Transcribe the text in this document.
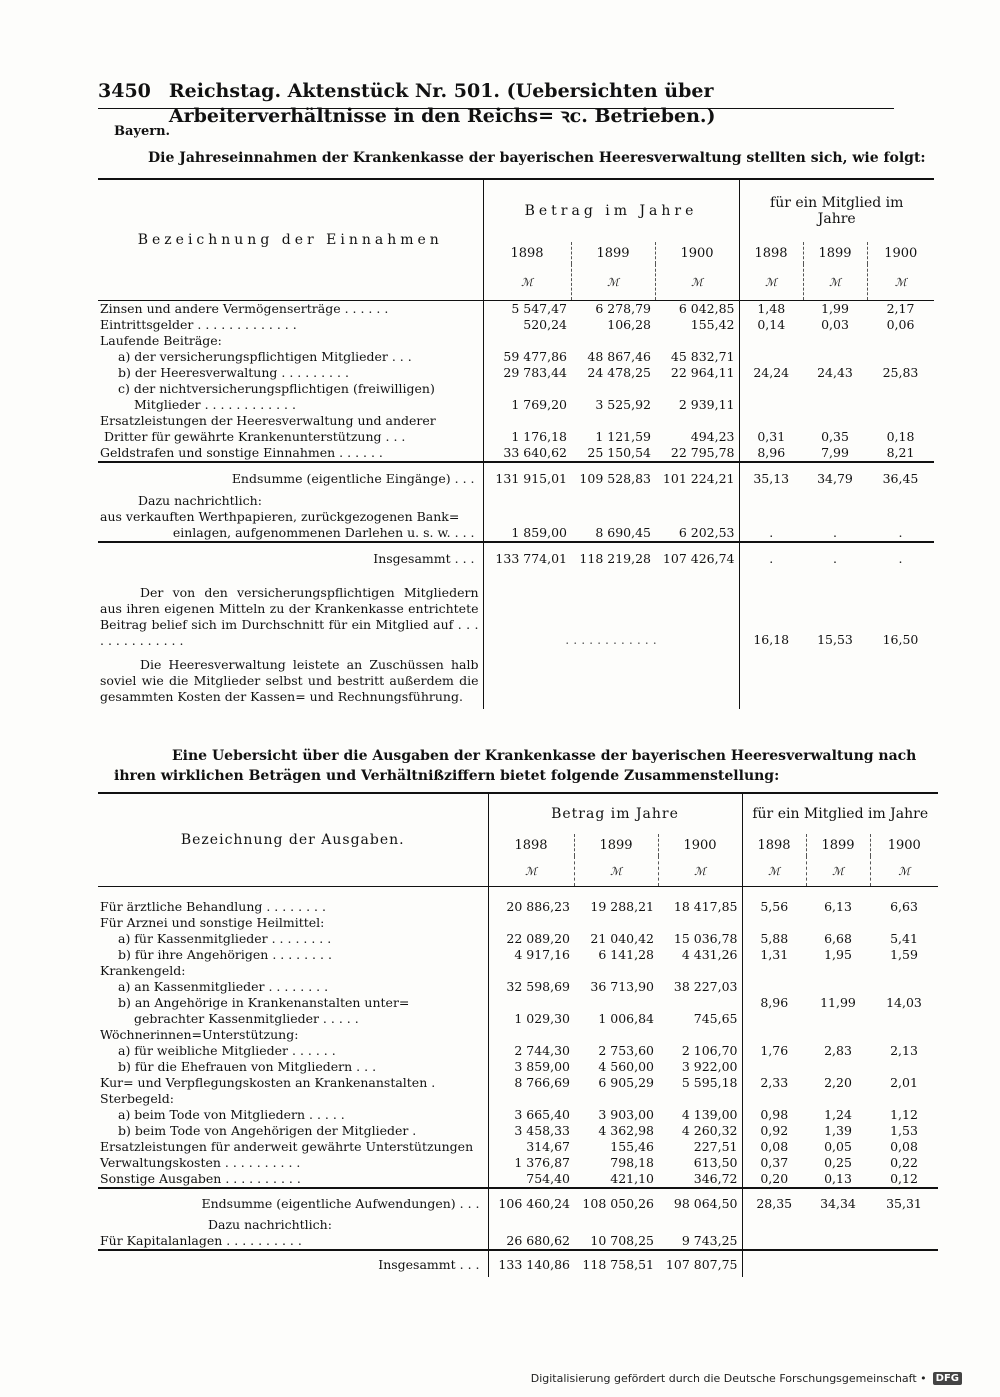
3450 Reichstag. Aktenstück Nr. 501. (Uebersichten über Arbeiterverhältnisse in den Reichs= ꝛc. Betrieben.)
Bayern.
Die Jahreseinnahmen der Krankenkasse der bayerischen Heeresverwaltung stellten sich, wie folgt:
Bezeichnung der Einnahmen	Betrag im Jahre			für ein Mitglied im Jahre		
	1898	1899	1900	1898	1899	1900
	ℳ	ℳ	ℳ	ℳ	ℳ	ℳ
Zinsen und andere Vermögenserträge . . . . . .	5 547,47	6 278,79	6 042,85	1,48	1,99	2,17
Eintrittsgelder . . . . . . . . . . . . .	520,24	106,28	155,42	0,14	0,03	0,06
Laufende Beiträge:						
a) der versicherungspflichtigen Mitglieder . . .	59 477,86	48 867,46	45 832,71			
b) der Heeresverwaltung . . . . . . . . .	29 783,44	24 478,25	22 964,11	24,24	24,43	25,83
c) der nichtversicherungspflichtigen (freiwilligen)						
Mitglieder . . . . . . . . . . . .	1 769,20	3 525,92	2 939,11			
Ersatzleistungen der Heeresverwaltung und anderer						
Dritter für gewährte Krankenunterstützung . . .	1 176,18	1 121,59	494,23	0,31	0,35	0,18
Geldstrafen und sonstige Einnahmen . . . . . .	33 640,62	25 150,54	22 795,78	8,96	7,99	8,21
Endsumme (eigentliche Eingänge) . . .	131 915,01	109 528,83	101 224,21	35,13	34,79	36,45
Dazu nachrichtlich:						
aus verkauften Werthpapieren, zurückgezogenen Bank=						
einlagen, aufgenommenen Darlehen u. s. w. . . .	1 859,00	8 690,45	6 202,53	.	.	.
Insgesammt . . .	133 774,01	118 219,28	107 426,74	.	.	.
Der von den versicherungspflichtigen Mitgliedern aus ihren eigenen Mitteln zu der Krankenkasse entrichtete Beitrag belief sich im Durchschnitt für ein Mitglied auf . . . . . . . . . . . . . .	. . . . . . . . . . . .			16,18	15,53	16,50
Die Heeresverwaltung leistete an Zuschüssen halb soviel wie die Mitglieder selbst und bestritt außerdem die gesammten Kosten der Kassen= und Rechnungsführung.						
Eine Uebersicht über die Ausgaben der Krankenkasse der bayerischen Heeresverwaltung nach ihren wirklichen Beträgen und Verhältnißziffern bietet folgende Zusammenstellung:
Bezeichnung der Ausgaben.	Betrag im Jahre			für ein Mitglied im Jahre		
	1898	1899	1900	1898	1899	1900
	ℳ	ℳ	ℳ	ℳ	ℳ	ℳ

Für ärztliche Behandlung . . . . . . . .	20 886,23	19 288,21	18 417,85	5,56	6,13	6,63
Für Arznei und sonstige Heilmittel:						
a) für Kassenmitglieder . . . . . . . .	22 089,20	21 040,42	15 036,78	5,88	6,68	5,41
b) für ihre Angehörigen . . . . . . . .	4 917,16	6 141,28	4 431,26	1,31	1,95	1,59
Krankengeld:						
a) an Kassenmitglieder . . . . . . . .	32 598,69	36 713,90	38 227,03			
b) an Angehörige in Krankenanstalten unter=				8,96	11,99	14,03
gebrachter Kassenmitglieder . . . . .	1 029,30	1 006,84	745,65			
Wöchnerinnen=Unterstützung:						
a) für weibliche Mitglieder . . . . . .	2 744,30	2 753,60	2 106,70	1,76	2,83	2,13
b) für die Ehefrauen von Mitgliedern . . .	3 859,00	4 560,00	3 922,00			
Kur= und Verpflegungskosten an Krankenanstalten .	8 766,69	6 905,29	5 595,18	2,33	2,20	2,01
Sterbegeld:						
a) beim Tode von Mitgliedern . . . . .	3 665,40	3 903,00	4 139,00	0,98	1,24	1,12
b) beim Tode von Angehörigen der Mitglieder .	3 458,33	4 362,98	4 260,32	0,92	1,39	1,53
Ersatzleistungen für anderweit gewährte Unterstützungen	314,67	155,46	227,51	0,08	0,05	0,08
Verwaltungskosten . . . . . . . . . .	1 376,87	798,18	613,50	0,37	0,25	0,22
Sonstige Ausgaben . . . . . . . . . .	754,40	421,10	346,72	0,20	0,13	0,12
Endsumme (eigentliche Aufwendungen) . . .	106 460,24	108 050,26	98 064,50	28,35	34,34	35,31
Dazu nachrichtlich:						
Für Kapitalanlagen . . . . . . . . . .	26 680,62	10 708,25	9 743,25			
Insgesammt . . .	133 140,86	118 758,51	107 807,75			
Digitalisierung gefördert durch die Deutsche Forschungsgemeinschaft • DFG
